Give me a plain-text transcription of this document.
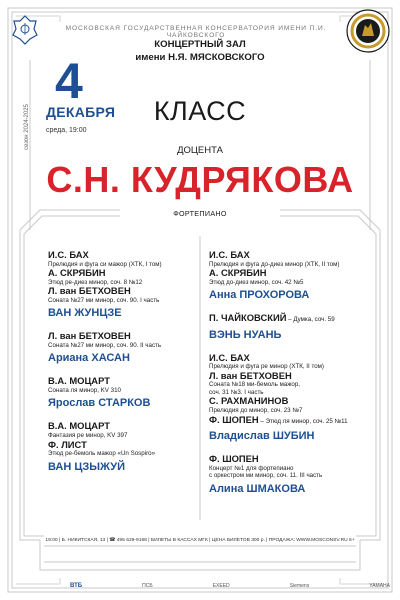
МОСКОВСКАЯ ГОСУДАРСТВЕННАЯ КОНСЕРВАТОРИЯ ИМЕНИ П.И. ЧАЙКОВСКОГО
КОНЦЕРТНЫЙ ЗАЛ
имени Н.Я. МЯСКОВСКОГО
сезон 2024-2025
4
ДЕКАБРЯ
среда, 19:00
КЛАСС
ДОЦЕНТА
С.Н. КУДРЯКОВА
ФОРТЕПИАНО
И.С. БАХ
Прелюдия и фуга си мажор (ХТК, I том)
А. СКРЯБИН
Этюд ре-диез минор, соч. 8 №12
Л. ван БЕТХОВЕН
Соната №27 ми минор, соч. 90. I часть
ВАН ЖУНЦЗЕ
Л. ван БЕТХОВЕН
Соната №27 ми минор, соч. 90. II часть
Ариана ХАСАН
В.А. МОЦАРТ
Соната ля минор, KV 310
Ярослав СТАРКОВ
В.А. МОЦАРТ
Фантазия ре минор, KV 397
Ф. ЛИСТ
Этюд ре-бемоль мажор «Un Sospiro»
ВАН ЦЗЫЖУЙ
И.С. БАХ
Прелюдия и фуга до-диез минор (ХТК, II том)
А. СКРЯБИН
Этюд до-диез минор, соч. 42 №5
Анна ПРОХОРОВА
П. ЧАЙКОВСКИЙ – Думка, соч. 59
ВЭНЬ НУАНЬ
И.С. БАХ
Прелюдия и фуга ре минор (ХТК, II том)
Л. ван БЕТХОВЕН
Соната №18 ми-бемоль мажор,
соч. 31 №3. I часть
С. РАХМАНИНОВ
Прелюдия до минор, соч. 23 №7
Ф. ШОПЕН – Этюд ля минор, соч. 25 №11
Владислав ШУБИН
Ф. ШОПЕН
Концерт №1 для фортепиано
с оркестром ми минор, соч. 11. III часть
Алина ШМАКОВА
19:00 | Б. НИКИТСКАЯ, 13 | ☎ 495 629-9168 | БИЛЕТЫ В КАССАХ МГК | ЦЕНА БИЛЕТОВ 300 р. | ПРОДАЖА: WWW.MOSCONSV.RU 6+
ВТБ	ПСБ	EXEED	Siemens	YAMAHA
